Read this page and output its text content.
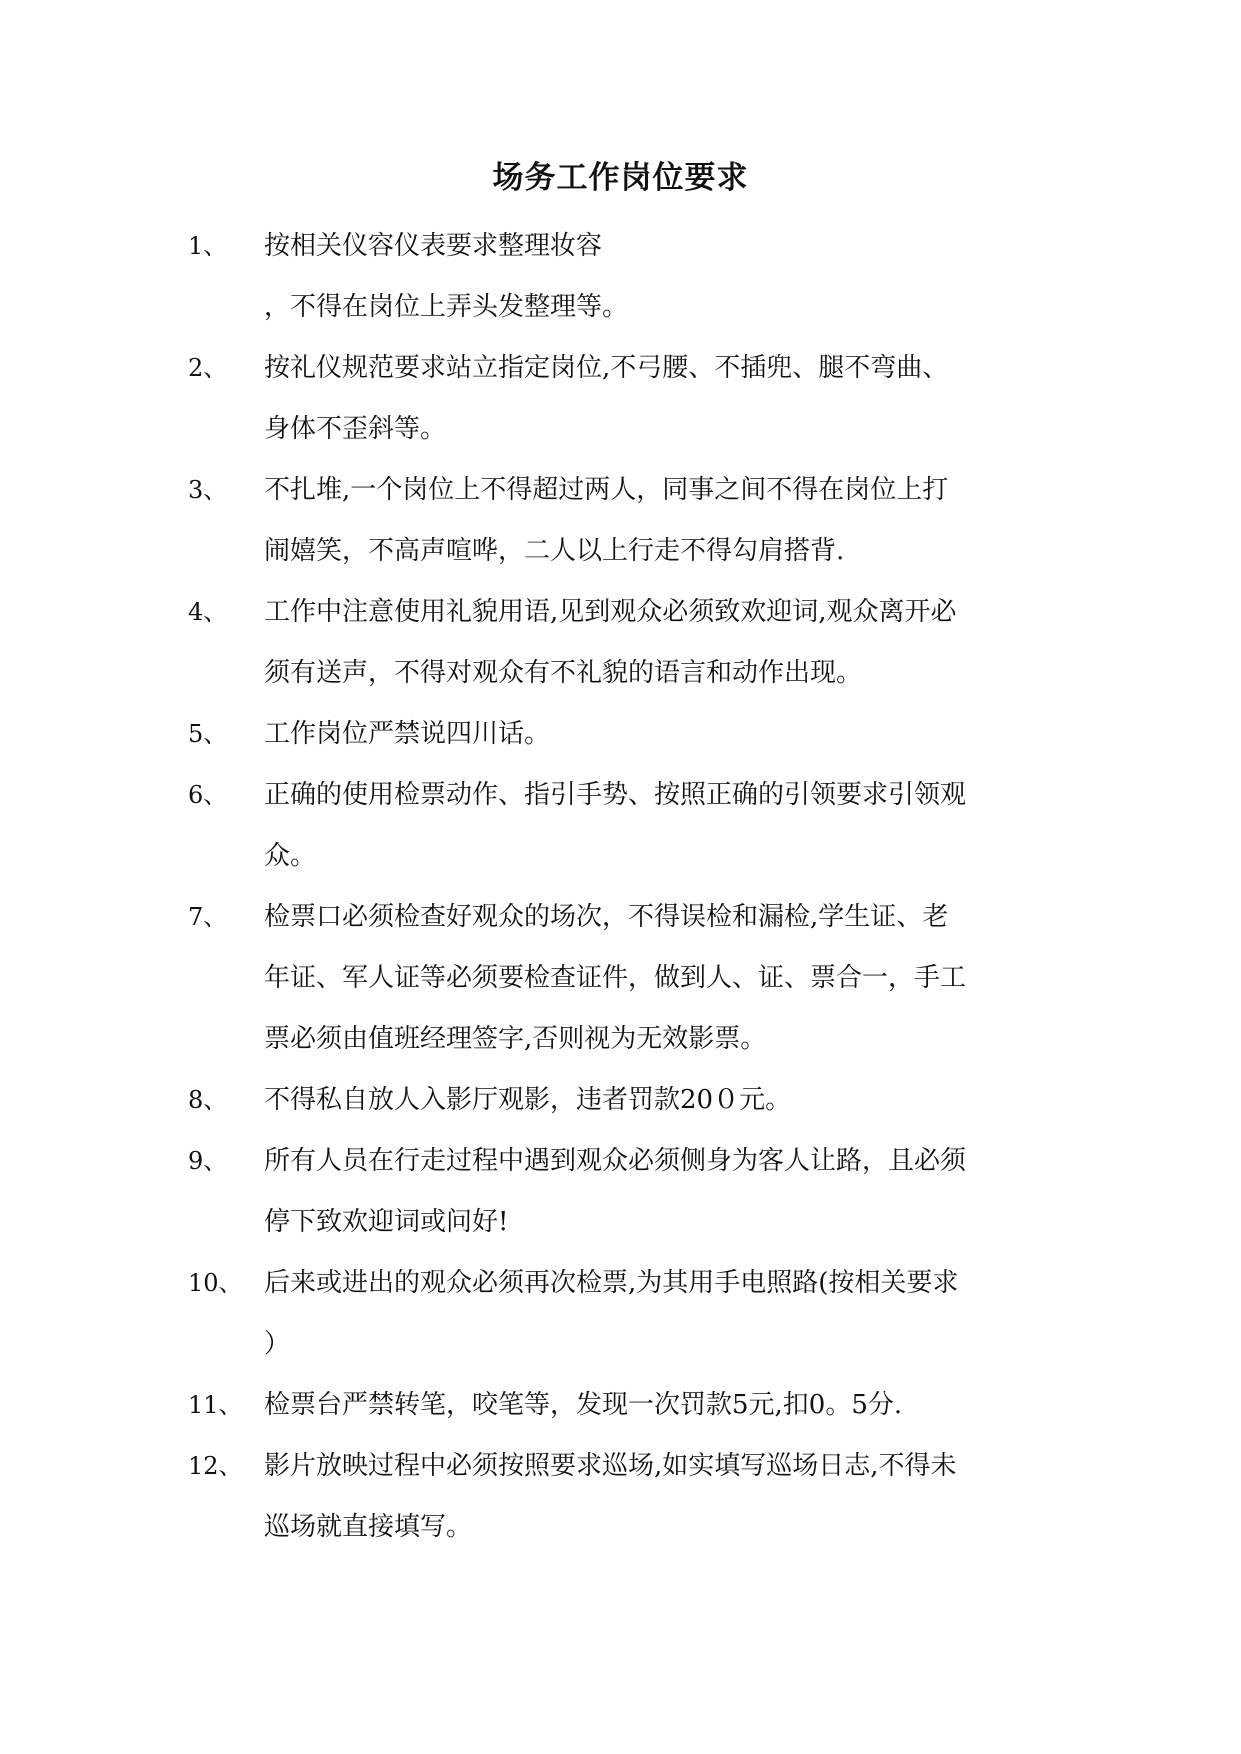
场务工作岗位要求
1、 按相关仪容仪表要求整理妆容
，不得在岗位上弄头发整理等。
2、 按礼仪规范要求站立指定岗位,不弓腰、不插兜、腿不弯曲、
身体不歪斜等。
3、 不扎堆,一个岗位上不得超过两人，同事之间不得在岗位上打
闹嬉笑，不高声喧哗，二人以上行走不得勾肩搭背.
4、 工作中注意使用礼貌用语,见到观众必须致欢迎词,观众离开必
须有送声，不得对观众有不礼貌的语言和动作出现。
5、 工作岗位严禁说四川话。
6、 正确的使用检票动作、指引手势、按照正确的引领要求引领观
众。
7、 检票口必须检查好观众的场次，不得误检和漏检,学生证、老
年证、军人证等必须要检查证件，做到人、证、票合一，手工
票必须由值班经理签字,否则视为无效影票。
8、 不得私自放人入影厅观影，违者罚款20０元。
9、 所有人员在行走过程中遇到观众必须侧身为客人让路，且必须
停下致欢迎词或问好!
10、 后来或进出的观众必须再次检票,为其用手电照路(按相关要求
）
11、 检票台严禁转笔，咬笔等，发现一次罚款5元,扣0。5分.
12、 影片放映过程中必须按照要求巡场,如实填写巡场日志,不得未
巡场就直接填写。
